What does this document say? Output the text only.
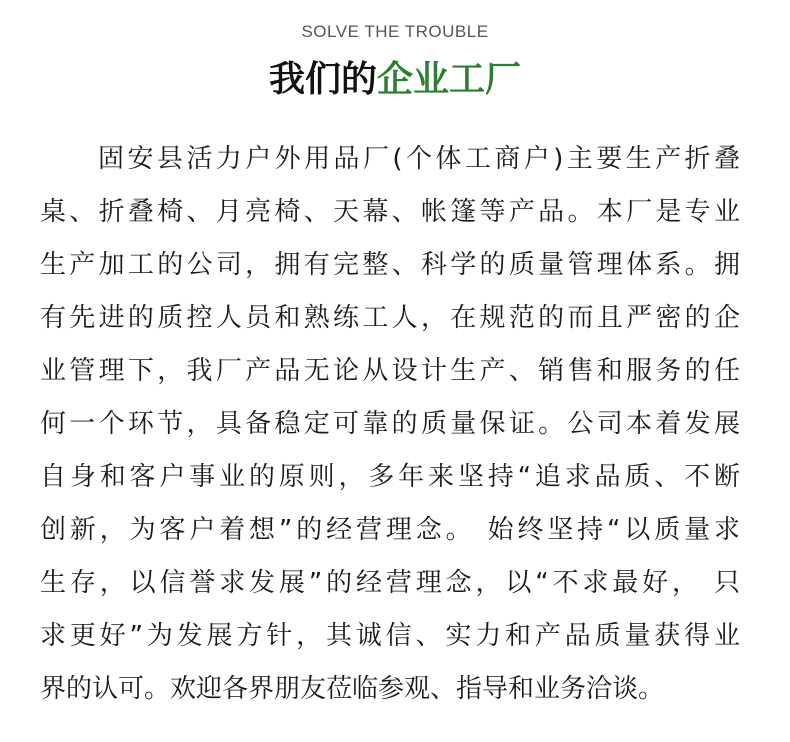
SOLVE THE TROUBLE
我们的企业工厂
固安县活力户外用品厂(个体工商户)主要生产折叠
桌、折叠椅、月亮椅、天幕、帐篷等产品。本厂是专业
生产加工的公司，拥有完整、科学的质量管理体系。拥
有先进的质控人员和熟练工人，在规范的而且严密的企
业管理下，我厂产品无论从设计生产、销售和服务的任
何一个环节，具备稳定可靠的质量保证。公司本着发展
自身和客户事业的原则，多年来坚持“追求品质、不断
创新，为客户着想”的经营理念。 始终坚持“以质量求
生存，以信誉求发展”的经营理念，以“不求最好， 只
求更好”为发展方针，其诚信、实力和产品质量获得业
界的认可。欢迎各界朋友莅临参观、指导和业务洽谈。
